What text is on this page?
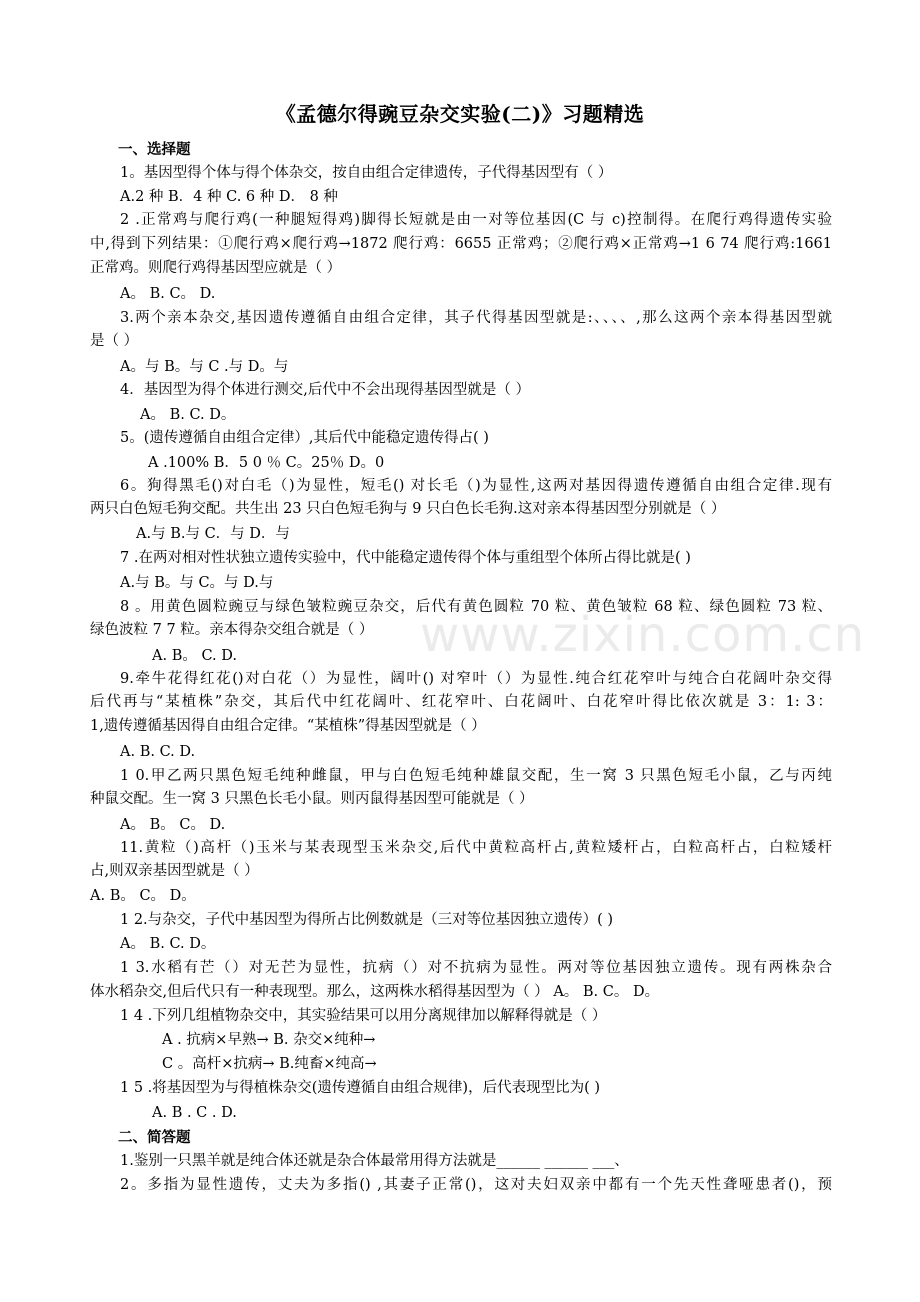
www.zixin.com.cn
《孟德尔得豌豆杂交实验(二)》习题精选
一、选择题
1。基因型得个体与得个体杂交，按自由组合定律遗传，子代得基因型有（ ）
A.2 种 B．4 种 C. 6 种 D． 8 种
2 .正常鸡与爬行鸡(一种腿短得鸡)脚得长短就是由一对等位基因(C 与 c)控制得。在爬行鸡得遗传实验
中,得到下列结果：①爬行鸡×爬行鸡→1872 爬行鸡：6655 正常鸡；②爬行鸡×正常鸡→1 6 74 爬行鸡:1661
正常鸡。则爬行鸡得基因型应就是（ ）
A。 B. C。 D.
3.两个亲本杂交,基因遗传遵循自由组合定律，其子代得基因型就是:、、、、,那么这两个亲本得基因型就
是（ ）
A。与 B。与 C .与 D。与
4．基因型为得个体进行测交,后代中不会出现得基因型就是（ ）
A。 B. C. D。
5。(遗传遵循自由组合定律）,其后代中能稳定遗传得占( )
A .100% B．5 0 ％ C。25％ D。0
6。狗得黑毛()对白毛（)为显性，短毛() 对长毛（)为显性,这两对基因得遗传遵循自由组合定律.现有
两只白色短毛狗交配。共生出 23 只白色短毛狗与 9 只白色长毛狗.这对亲本得基因型分别就是（ ）
A.与 B.与 C．与 D．与
7 .在两对相对性状独立遗传实验中，代中能稳定遗传得个体与重组型个体所占得比就是( )
A.与 B。与 C。与 D.与
8 。用黄色圆粒豌豆与绿色皱粒豌豆杂交，后代有黄色圆粒 70 粒、黄色皱粒 68 粒、绿色圆粒 73 粒、
绿色波粒 7 7 粒。亲本得杂交组合就是（ ）
A. B。 C. D.
9.牵牛花得红花()对白花（）为显性，阔叶() 对窄叶（）为显性.纯合红花窄叶与纯合白花阔叶杂交得
后代再与“某植株”杂交，其后代中红花阔叶、红花窄叶、白花阔叶、白花窄叶得比依次就是 3：1: 3：
1,遗传遵循基因得自由组合定律。“某植株”得基因型就是（ ）
A. B. C. D.
1 0.甲乙两只黑色短毛纯种雌鼠，甲与白色短毛纯种雄鼠交配，生一窝 3 只黑色短毛小鼠，乙与丙纯
种鼠交配。生一窝 3 只黑色长毛小鼠。则丙鼠得基因型可能就是（ ）
A。 B。 C。 D.
11.黄粒（)高杆（)玉米与某表现型玉米杂交,后代中黄粒高杆占,黄粒矮杆占，白粒高杆占，白粒矮杆
占,则双亲基因型就是（ ）
A. B。 C。 D。
1 2.与杂交，子代中基因型为得所占比例数就是（三对等位基因独立遗传）( )
A。 B. C. D。
1 3.水稻有芒（）对无芒为显性，抗病（）对不抗病为显性。两对等位基因独立遗传。现有两株杂合
体水稻杂交,但后代只有一种表现型。那么，这两株水稻得基因型为（ ） A。 B. C。 D。
1 4 .下列几组植物杂交中，其实验结果可以用分离规律加以解释得就是（ ）
A . 抗病×早熟→ B. 杂交×纯种→
C 。高杆×抗病→ B.纯畜×纯高→
1 5 .将基因型为与得植株杂交(遗传遵循自由组合规律)，后代表现型比为( )
A. B . C . D.
二、简答题
1.鉴别一只黑羊就是纯合体还就是杂合体最常用得方法就是______ ______ ___、
2。多指为显性遗传，丈夫为多指() ,其妻子正常()，这对夫妇双亲中都有一个先天性聋哑患者()，预
